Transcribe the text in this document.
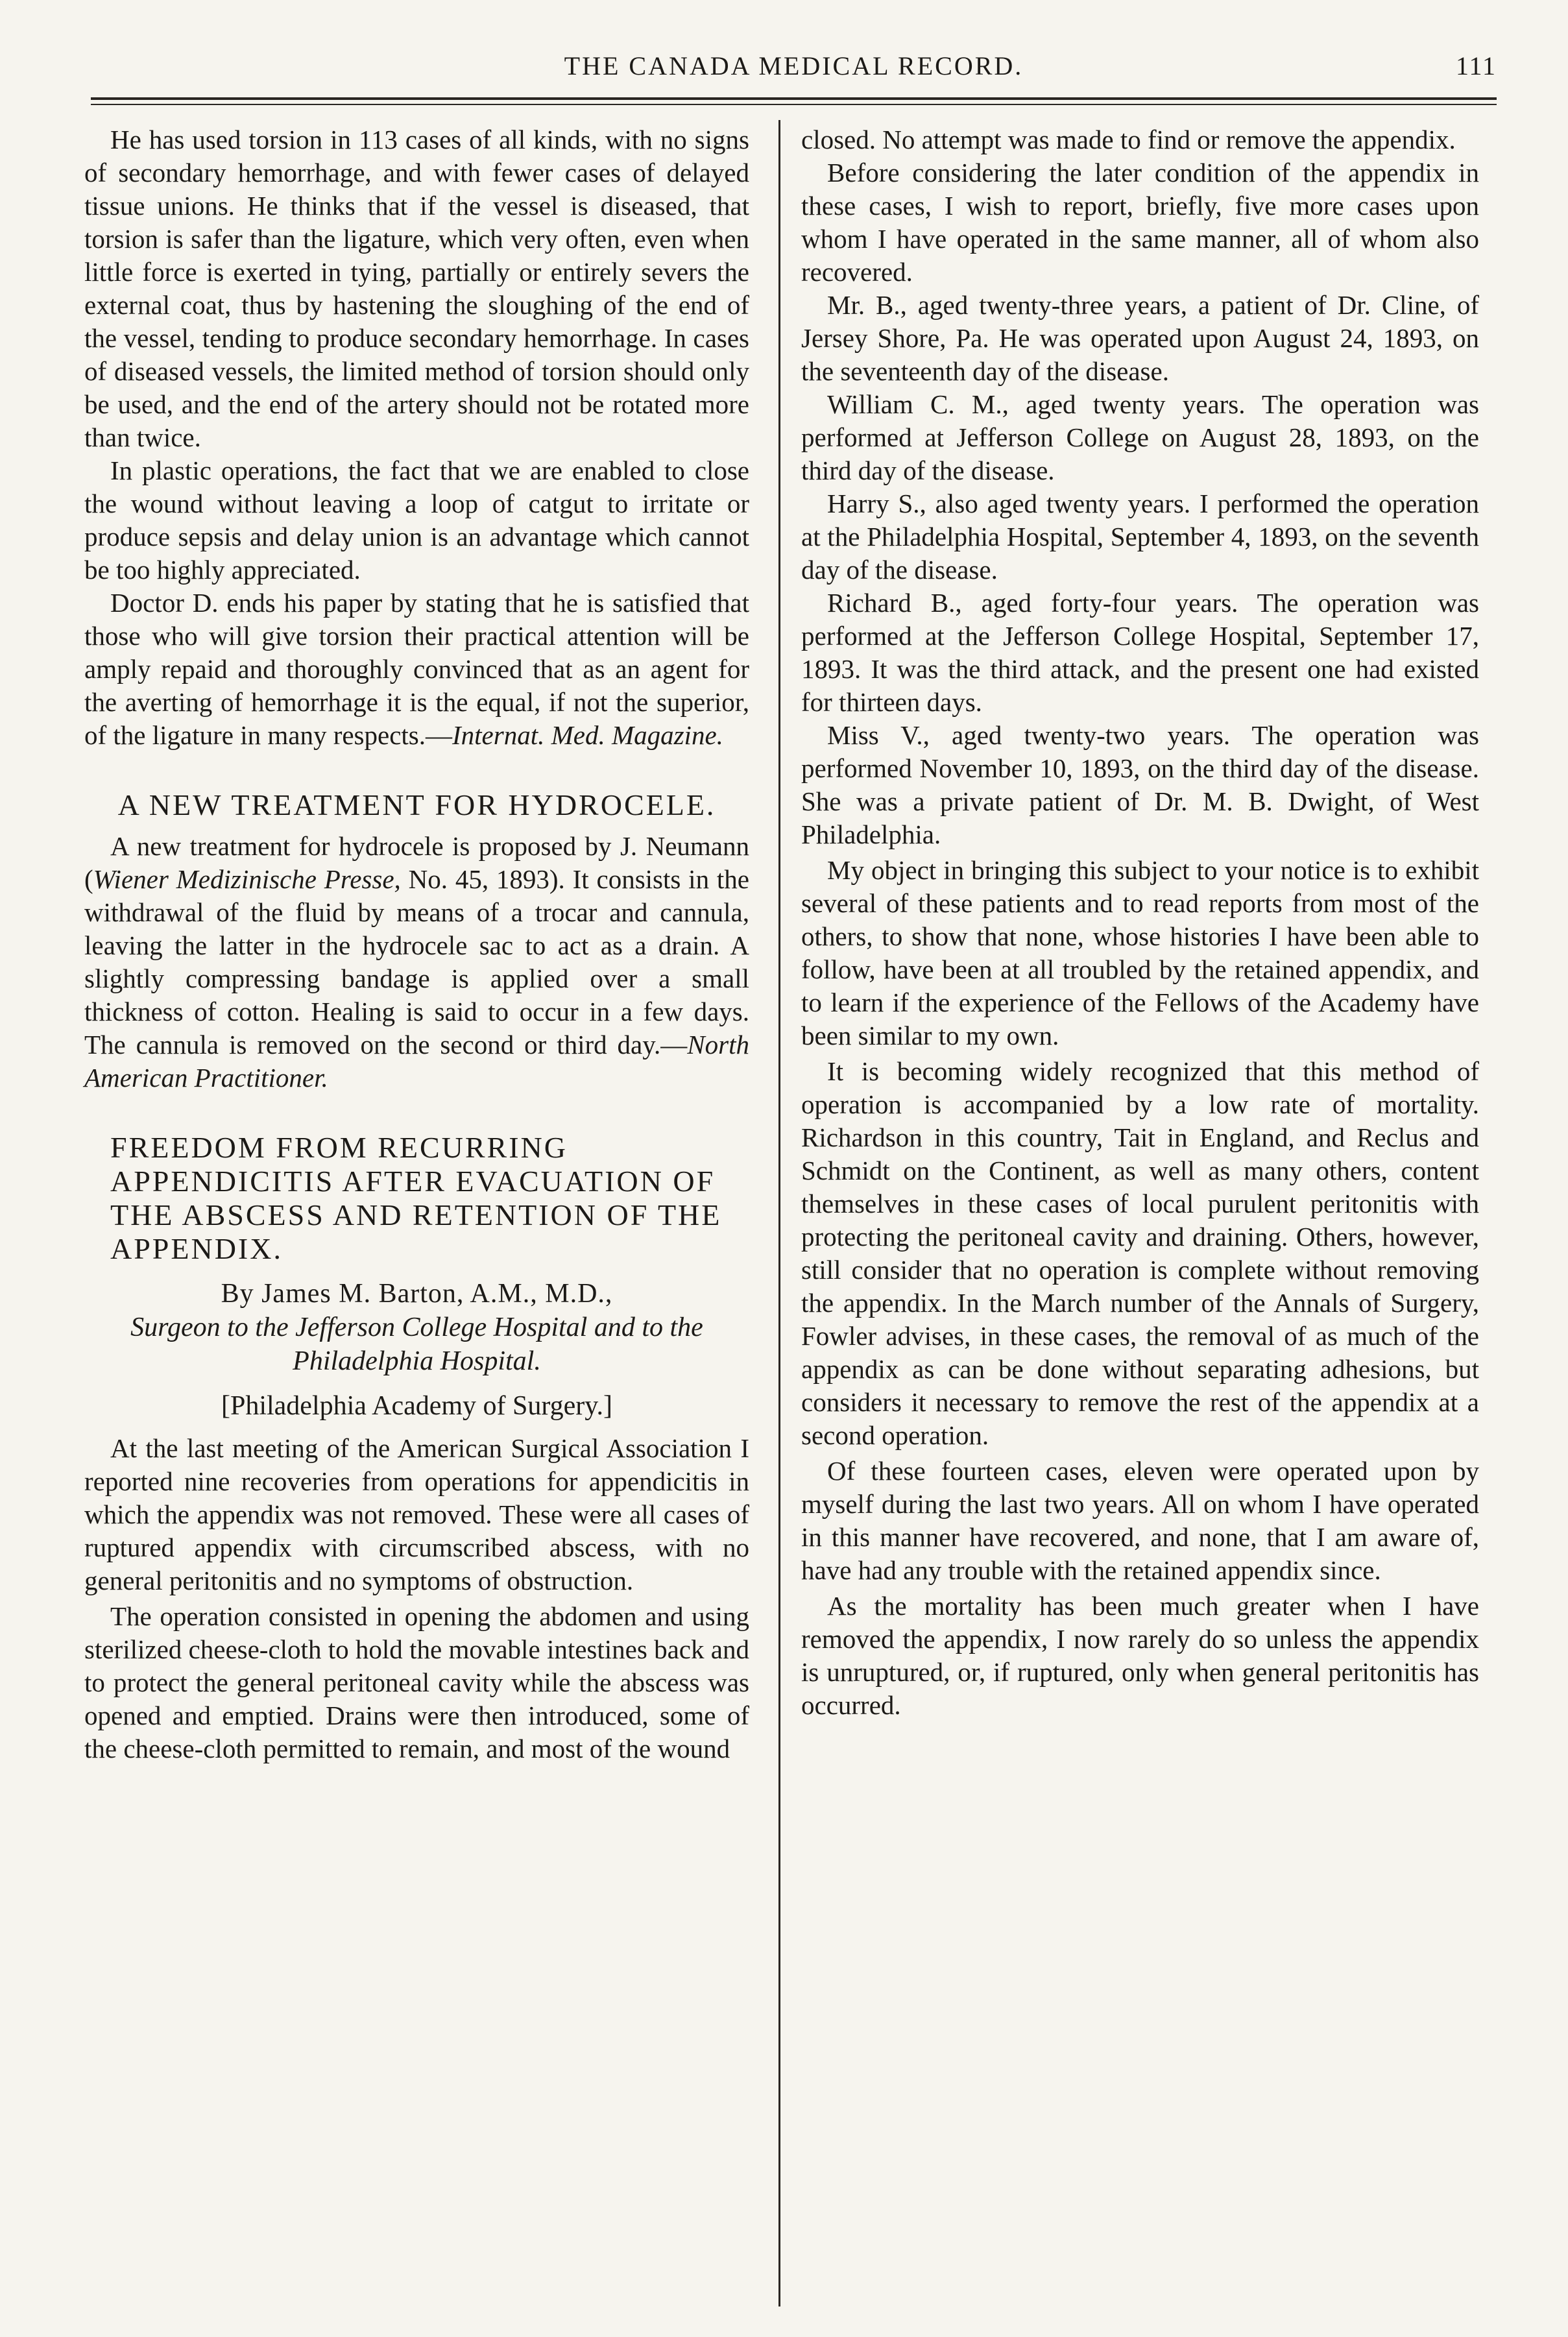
THE CANADA MEDICAL RECORD.	111

He has used torsion in 113 cases of all kinds, with no signs of secondary hemorrhage, and with fewer cases of delayed tissue unions. He thinks that if the vessel is diseased, that torsion is safer than the ligature, which very often, even when little force is exerted in tying, partially or entirely severs the external coat, thus by hastening the sloughing of the end of the vessel, tending to produce secondary hemorrhage. In cases of diseased vessels, the limited method of torsion should only be used, and the end of the artery should not be rotated more than twice.

In plastic operations, the fact that we are enabled to close the wound without leaving a loop of catgut to irritate or produce sepsis and delay union is an advantage which cannot be too highly appreciated.

Doctor D. ends his paper by stating that he is satisfied that those who will give torsion their practical attention will be amply repaid and thoroughly convinced that as an agent for the averting of hemorrhage it is the equal, if not the superior, of the ligature in many respects.—Internat. Med. Magazine.

A NEW TREATMENT FOR HYDROCELE.

A new treatment for hydrocele is proposed by J. Neumann (Wiener Medizinische Presse, No. 45, 1893). It consists in the withdrawal of the fluid by means of a trocar and cannula, leaving the latter in the hydrocele sac to act as a drain. A slightly compressing bandage is applied over a small thickness of cotton. Healing is said to occur in a few days. The cannula is removed on the second or third day.—North American Practitioner.

FREEDOM FROM RECURRING APPENDICITIS AFTER EVACUATION OF THE ABSCESS AND RETENTION OF THE APPENDIX.

By James M. Barton, A.M., M.D.,

Surgeon to the Jefferson College Hospital and to the Philadelphia Hospital.

[Philadelphia Academy of Surgery.]

At the last meeting of the American Surgical Association I reported nine recoveries from operations for appendicitis in which the appendix was not removed. These were all cases of ruptured appendix with circumscribed abscess, with no general peritonitis and no symptoms of obstruction.

The operation consisted in opening the abdomen and using sterilized cheese-cloth to hold the movable intestines back and to protect the general peritoneal cavity while the abscess was opened and emptied. Drains were then introduced, some of the cheese-cloth permitted to remain, and most of the wound

closed. No attempt was made to find or remove the appendix.

Before considering the later condition of the appendix in these cases, I wish to report, briefly, five more cases upon whom I have operated in the same manner, all of whom also recovered.

Mr. B., aged twenty-three years, a patient of Dr. Cline, of Jersey Shore, Pa. He was operated upon August 24, 1893, on the seventeenth day of the disease.

William C. M., aged twenty years. The operation was performed at Jefferson College on August 28, 1893, on the third day of the disease.

Harry S., also aged twenty years. I performed the operation at the Philadelphia Hospital, September 4, 1893, on the seventh day of the disease.

Richard B., aged forty-four years. The operation was performed at the Jefferson College Hospital, September 17, 1893. It was the third attack, and the present one had existed for thirteen days.

Miss V., aged twenty-two years. The operation was performed November 10, 1893, on the third day of the disease. She was a private patient of Dr. M. B. Dwight, of West Philadelphia.

My object in bringing this subject to your notice is to exhibit several of these patients and to read reports from most of the others, to show that none, whose histories I have been able to follow, have been at all troubled by the retained appendix, and to learn if the experience of the Fellows of the Academy have been similar to my own.

It is becoming widely recognized that this method of operation is accompanied by a low rate of mortality. Richardson in this country, Tait in England, and Reclus and Schmidt on the Continent, as well as many others, content themselves in these cases of local purulent peritonitis with protecting the peritoneal cavity and draining. Others, however, still consider that no operation is complete without removing the appendix. In the March number of the Annals of Surgery, Fowler advises, in these cases, the removal of as much of the appendix as can be done without separating adhesions, but considers it necessary to remove the rest of the appendix at a second operation.

Of these fourteen cases, eleven were operated upon by myself during the last two years. All on whom I have operated in this manner have recovered, and none, that I am aware of, have had any trouble with the retained appendix since.

As the mortality has been much greater when I have removed the appendix, I now rarely do so unless the appendix is unruptured, or, if ruptured, only when general peritonitis has occurred.
